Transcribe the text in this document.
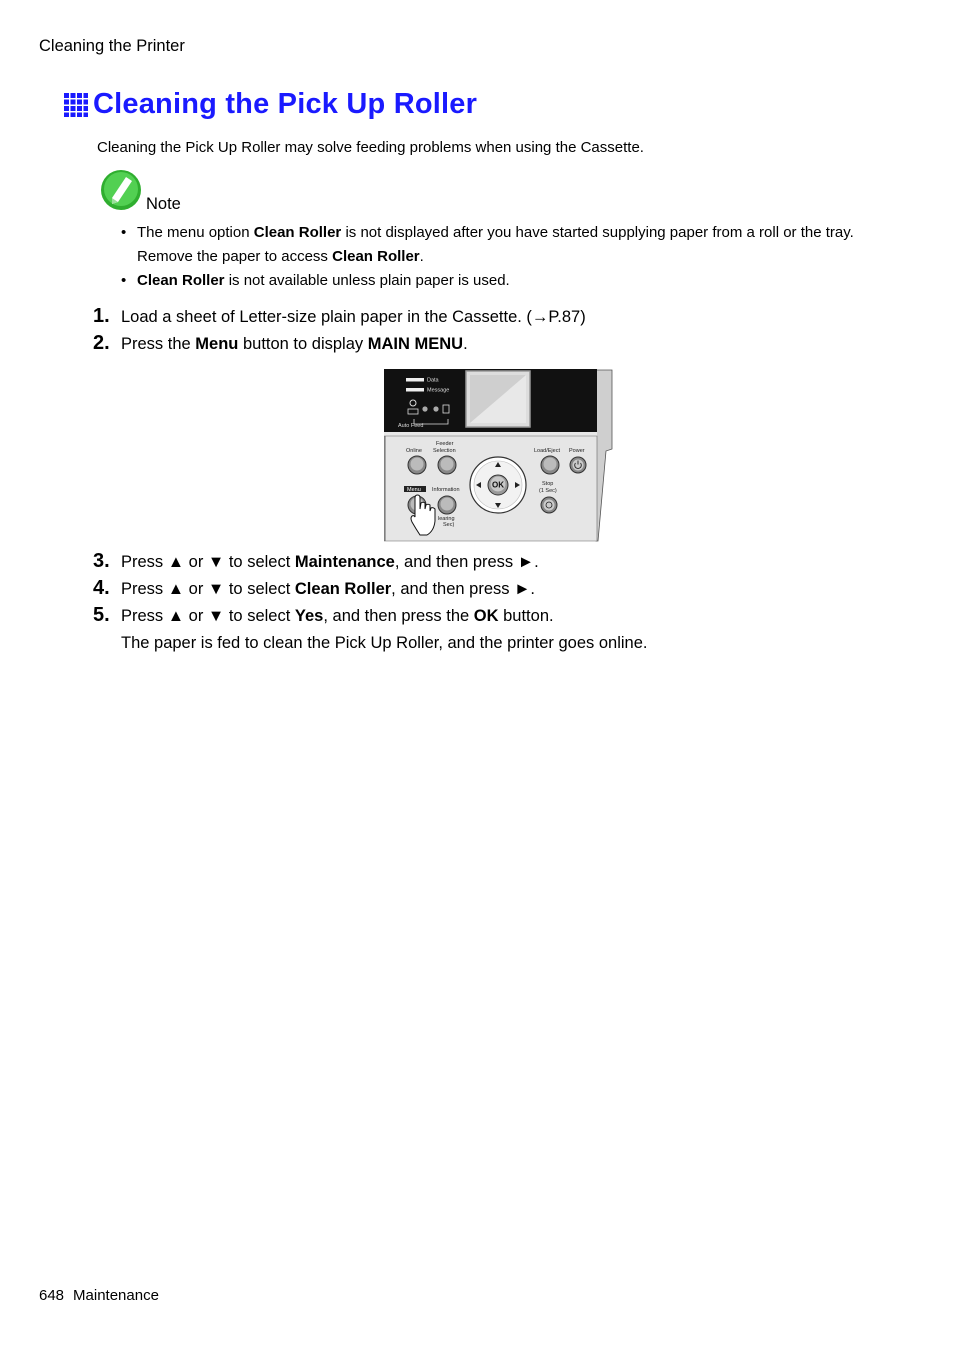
Cleaning the Printer
Cleaning the Pick Up Roller
Cleaning the Pick Up Roller may solve feeding problems when using the Cassette.
Note
• The menu option Clean Roller is not displayed after you have started supplying paper from a roll or the tray. Remove the paper to access Clean Roller.
• Clean Roller is not available unless plain paper is used.
1. Load a sheet of Letter-size plain paper in the Cassette. (→P.87)
2. Press the Menu button to display MAIN MENU.
Data
Message
Auto Feed
Online
Feeder
Selection	Load/Eject Power
Menu Information
Stop
(1 Sec)
learing
Sec)
OK
3. Press ▲ or ▼ to select Maintenance, and then press ►.
4. Press ▲ or ▼ to select Clean Roller, and then press ►.
5. Press ▲ or ▼ to select Yes, and then press the OK button.
The paper is fed to clean the Pick Up Roller, and the printer goes online.
648 Maintenance
